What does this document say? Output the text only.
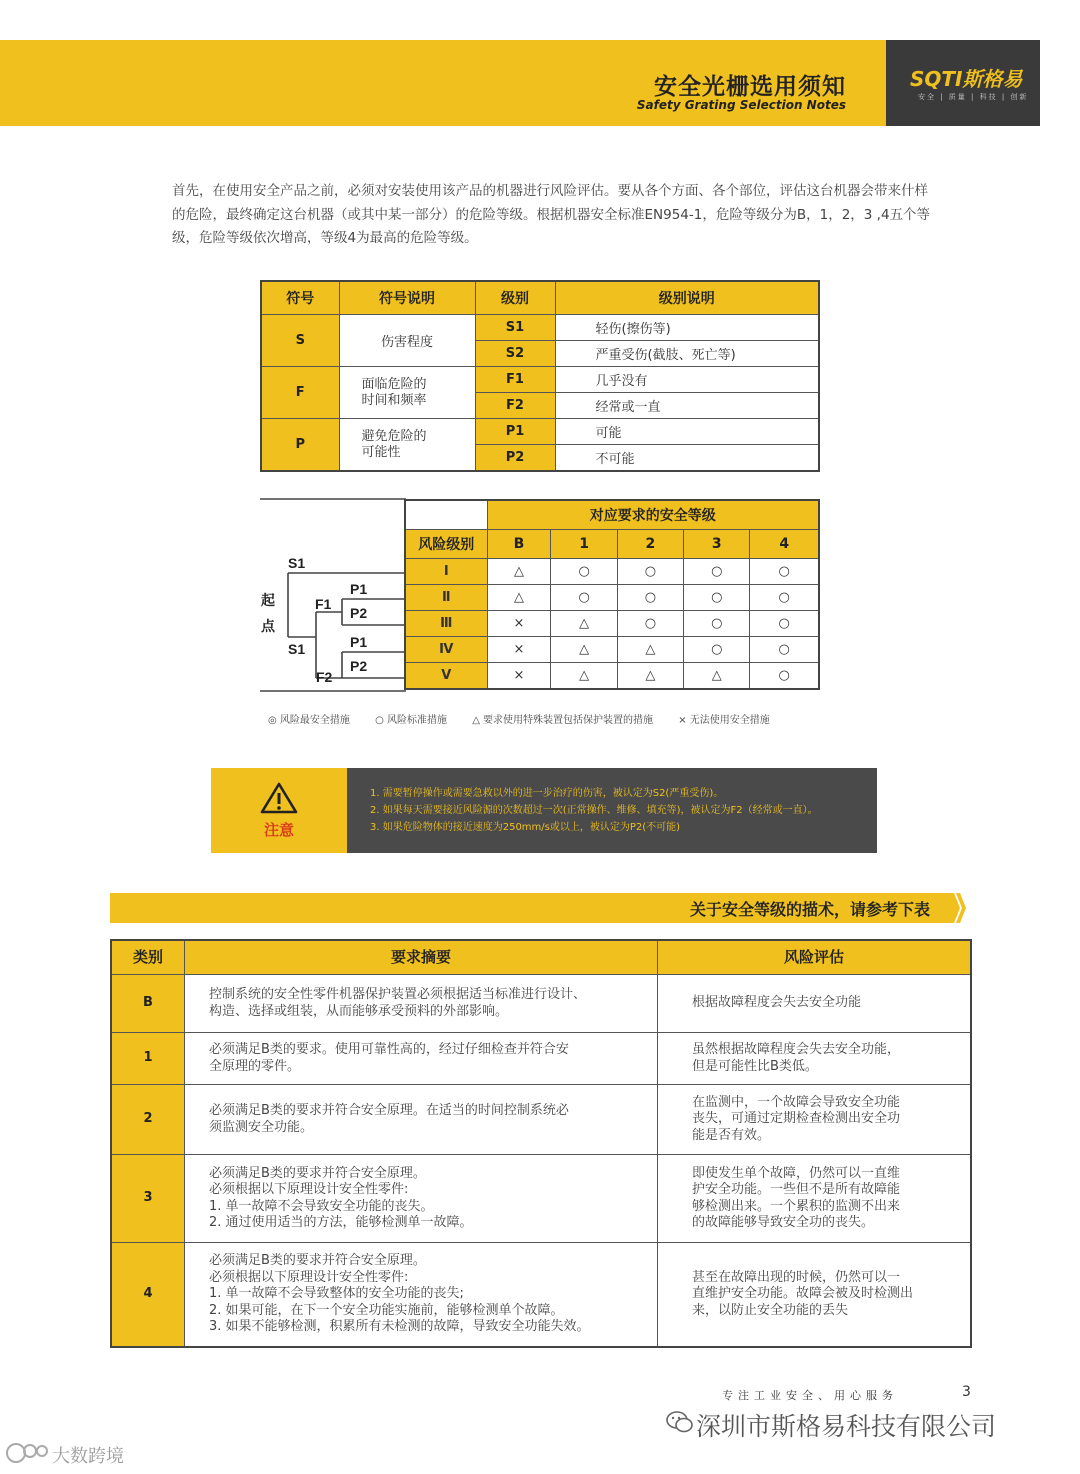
安全光栅选用须知
Safety Grating Selection Notes
SQTI斯格易
安全 | 质量 | 科技 | 创新
首先，在使用安全产品之前，必须对安装使用该产品的机器进行风险评估。要从各个方面、各个部位，评估这台机器会带来什样的危险，最终确定这台机器（或其中某一部分）的危险等级。根据机器安全标准EN954-1，危险等级分为B，1，2，3 ,4五个等级，危险等级依次增高，等级4为最高的危险等级。
符号	符号说明	级别	级别说明
S	伤害程度	S1	轻伤(擦伤等)
		S2	严重受伤(截肢、死亡等)
F	面临危险的
时间和频率	F1	几乎没有
		F2	经常或一直
P	避免危险的
可能性	P1	可能
		P2	不可能
起
点
S1
F1
P1
P2
S1	P1
P2
F2
	对应要求的安全等级				
风险级别	B	1	2	3	4
Ⅰ	△	○	○	○	○
Ⅱ	△	○	○	○	○
Ⅲ	×	△	○	○	○
Ⅳ	×	△	△	○	○
Ⅴ	×	△	△	△	○
◎ 风险最安全措施	○ 风险标准措施	△ 要求使用特殊装置包括保护装置的措施	× 无法使用安全措施
注意
1. 需要暂停操作或需要急救以外的进一步治疗的伤害，被认定为S2(严重受伤)。
2. 如果每天需要接近风险源的次数超过一次(正常操作、维修、填充等)，被认定为F2（经常或一直）。
3. 如果危险物体的接近速度为250mm/s或以上，被认定为P2(不可能)
关于安全等级的描术，请参考下表
类别	要求摘要	风险评估
B	控制系统的安全性零件机器保护装置必须根据适当标准进行设计、
构造、选择或组装，从而能够承受预料的外部影响。	根据故障程度会失去安全功能
1	必须满足B类的要求。使用可靠性高的，经过仔细检查并符合安
全原理的零件。	虽然根据故障程度会失去安全功能，
但是可能性比B类低。
2	必须满足B类的要求并符合安全原理。在适当的时间控制系统必
须监测安全功能。	在监测中，一个故障会导致安全功能
丧失，可通过定期检查检测出安全功
能是否有效。
3	必须满足B类的要求并符合安全原理。
必须根据以下原理设计安全性零件:
1. 单一故障不会导致安全功能的丧失。
2. 通过使用适当的方法，能够检测单一故障。	即使发生单个故障，仍然可以一直维
护安全功能。一些但不是所有故障能
够检测出来。一个累积的监测不出来
的故障能够导致安全功的丧失。
4	必须满足B类的要求并符合安全原理。
必须根据以下原理设计安全性零件:
1. 单一故障不会导致整体的安全功能的丧失;
2. 如果可能，在下一个安全功能实施前，能够检测单个故障。
3. 如果不能够检测，积累所有未检测的故障，导致安全功能失效。	甚至在故障出现的时候，仍然可以一
直维护安全功能。故障会被及时检测出
来，以防止安全功能的丢失
专注工业安全、用心服务	3
深圳市斯格易科技有限公司
大数跨境
